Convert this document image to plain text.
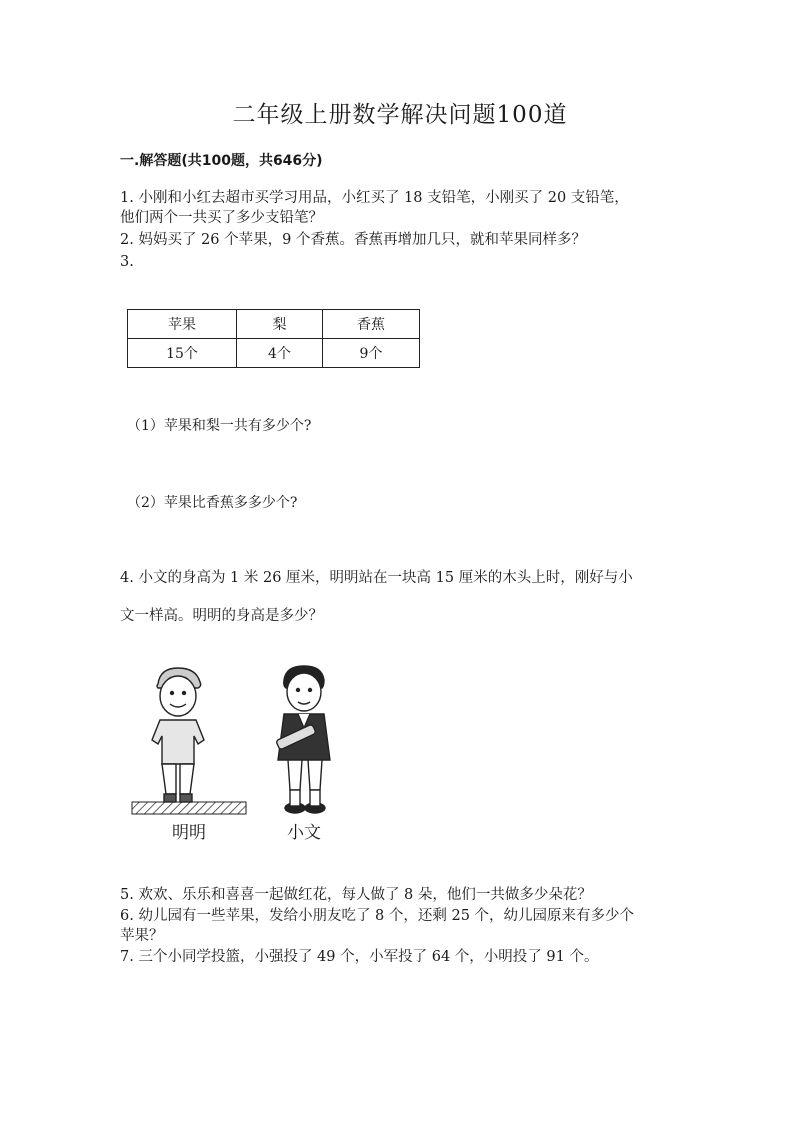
二年级上册数学解决问题100道
一.解答题(共100题，共646分)
1. 小刚和小红去超市买学习用品，小红买了 18 支铅笔，小刚买了 20 支铅笔，
他们两个一共买了多少支铅笔？
2. 妈妈买了 26 个苹果，9 个香蕉。香蕉再增加几只，就和苹果同样多？
3.
苹果	梨	香蕉
15个	4个	9个
（1）苹果和梨一共有多少个?
（2）苹果比香蕉多多少个?
4. 小文的身高为 1 米 26 厘米，明明站在一块高 15 厘米的木头上时，刚好与小
文一样高。明明的身高是多少？
明明	小文
5. 欢欢、乐乐和喜喜一起做红花，每人做了 8 朵，他们一共做多少朵花？
6. 幼儿园有一些苹果，发给小朋友吃了 8 个，还剩 25 个，幼儿园原来有多少个
苹果？
7. 三个小同学投篮，小强投了 49 个，小军投了 64 个，小明投了 91 个。
